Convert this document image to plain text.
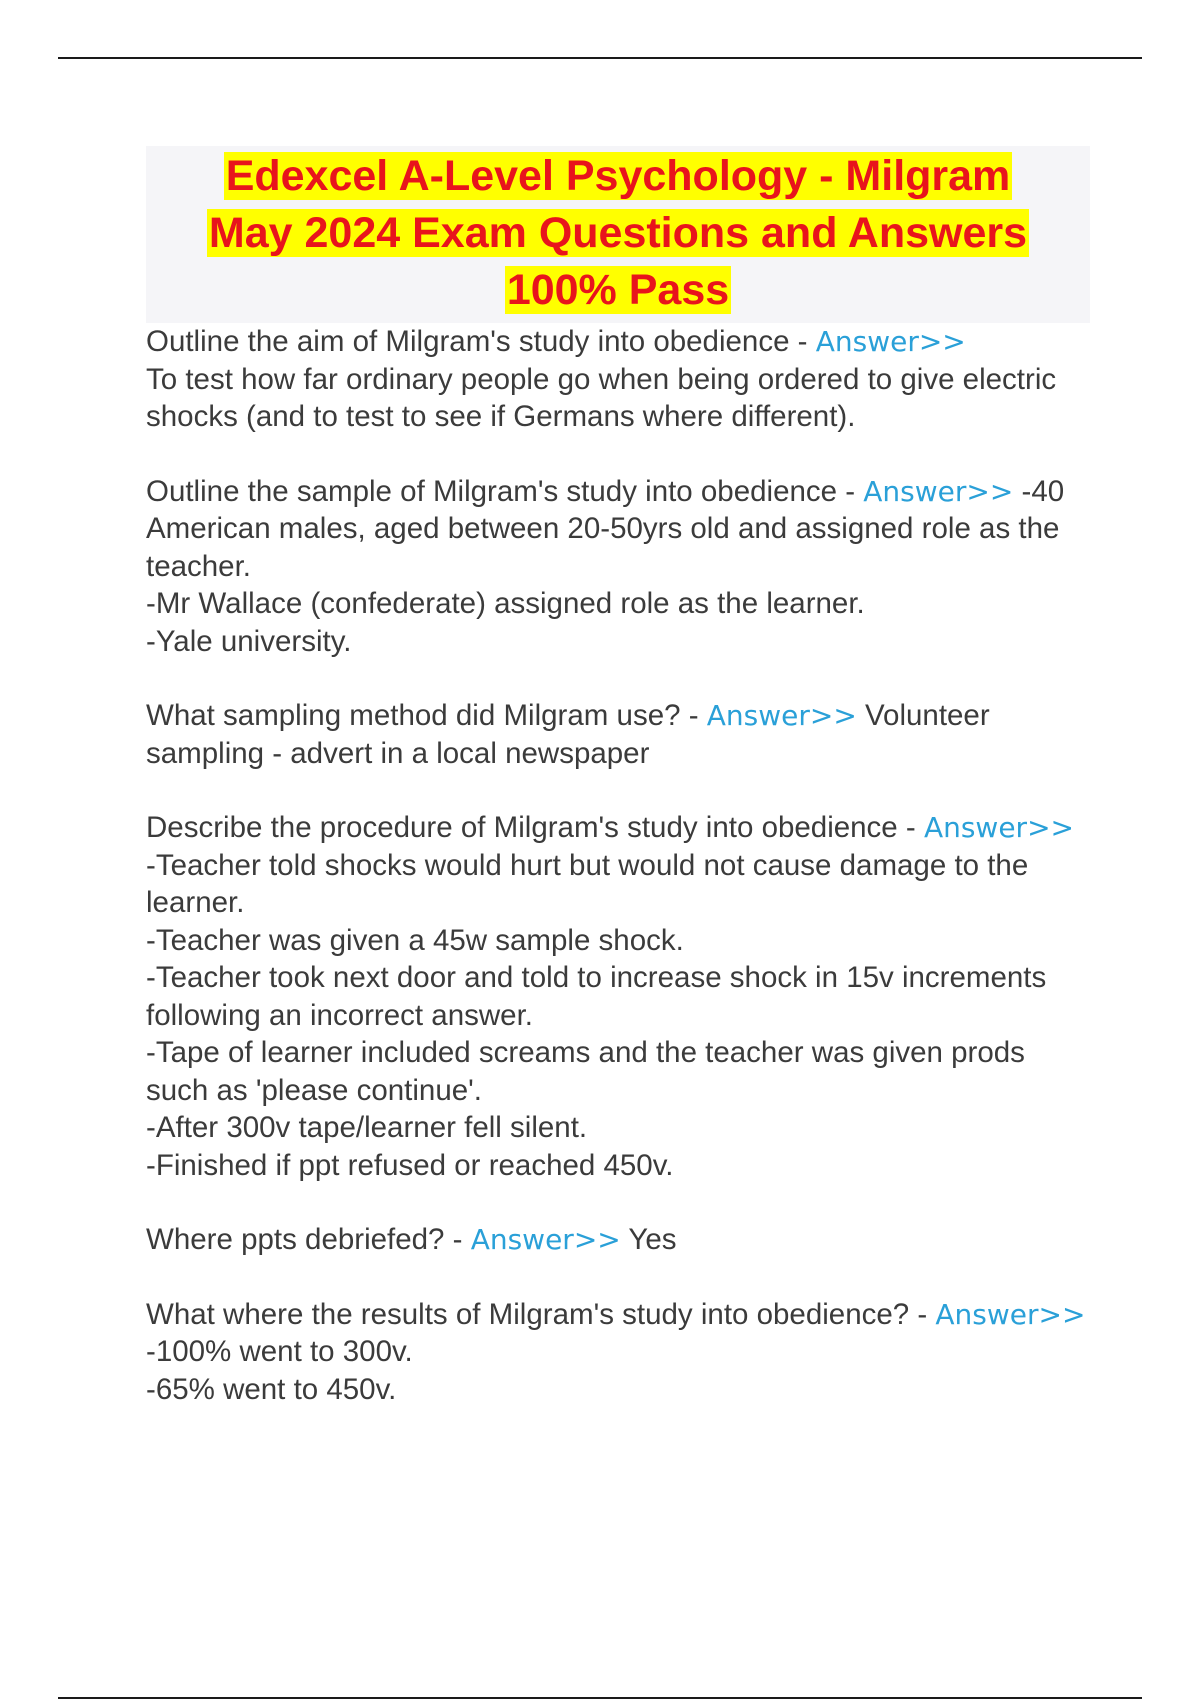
Edexcel A-Level Psychology - Milgram
May 2024 Exam Questions and Answers
100% Pass
Outline the aim of Milgram's study into obedience - Answer>>
To test how far ordinary people go when being ordered to give electric shocks (and to test to see if Germans where different).
Outline the sample of Milgram's study into obedience - Answer>> -40 American males, aged between 20-50yrs old and assigned role as the teacher.
-Mr Wallace (confederate) assigned role as the learner.
-Yale university.
What sampling method did Milgram use? - Answer>> Volunteer sampling - advert in a local newspaper
Describe the procedure of Milgram's study into obedience - Answer>> -Teacher told shocks would hurt but would not cause damage to the learner.
-Teacher was given a 45w sample shock.
-Teacher took next door and told to increase shock in 15v increments following an incorrect answer.
-Tape of learner included screams and the teacher was given prods such as 'please continue'.
-After 300v tape/learner fell silent.
-Finished if ppt refused or reached 450v.
Where ppts debriefed? - Answer>> Yes
What where the results of Milgram's study into obedience? - Answer>> -100% went to 300v.
-65% went to 450v.
